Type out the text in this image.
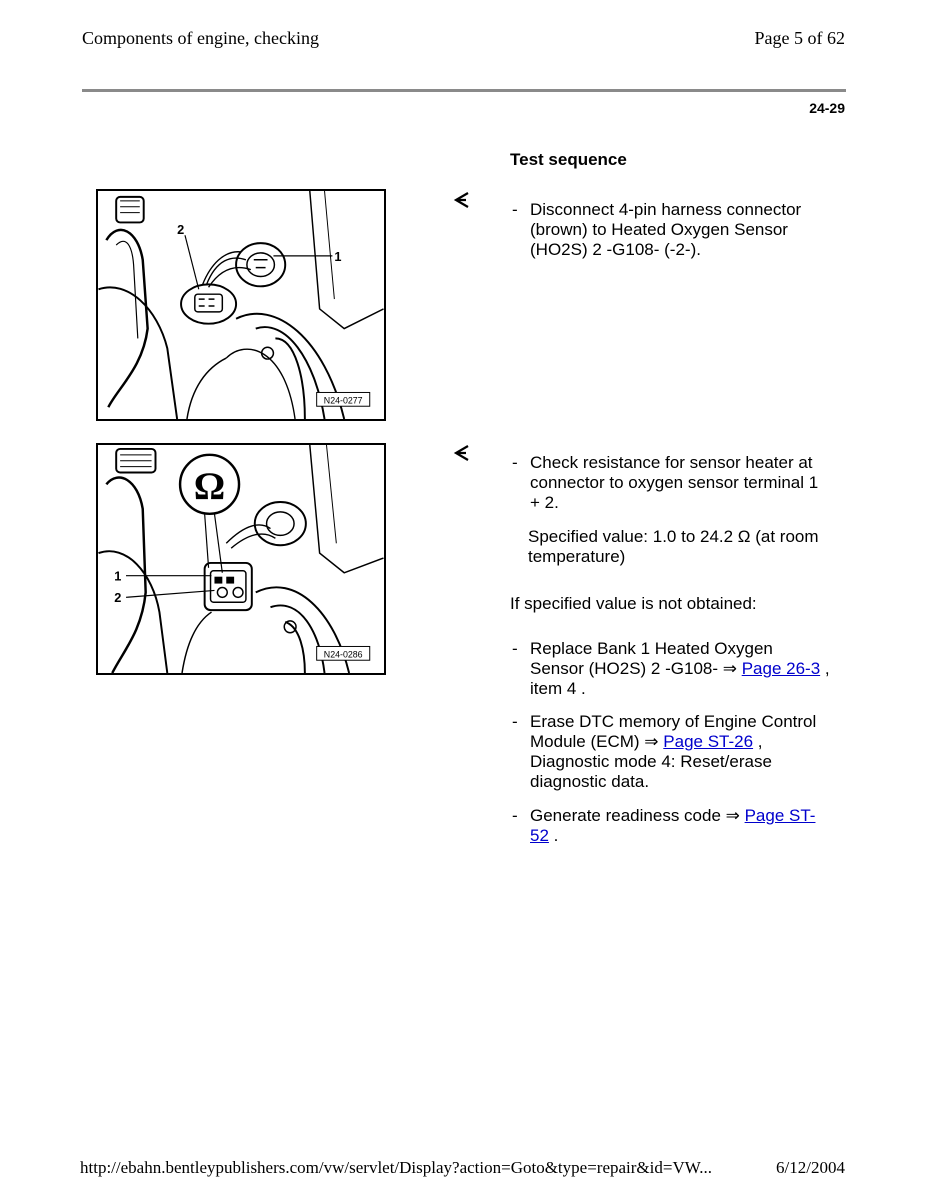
Components of engine, checking	Page 5 of 62
24-29
Test sequence
1
2
N24-0277
- Disconnect 4-pin harness connector (brown) to Heated Oxygen Sensor (HO2S) 2 -G108- (-2-).
Ω
1
2
N24-0286
- Check resistance for sensor heater at connector to oxygen sensor terminal 1 + 2.
Specified value: 1.0 to 24.2 Ω (at room temperature)
If specified value is not obtained:
- Replace Bank 1 Heated Oxygen Sensor (HO2S) 2 -G108- ⇒ Page 26-3 , item 4 .
- Erase DTC memory of Engine Control Module (ECM) ⇒ Page ST-26 , Diagnostic mode 4: Reset/erase diagnostic data.
- Generate readiness code ⇒ Page ST-52 .
http://ebahn.bentleypublishers.com/vw/servlet/Display?action=Goto&type=repair&id=VW...	6/12/2004
